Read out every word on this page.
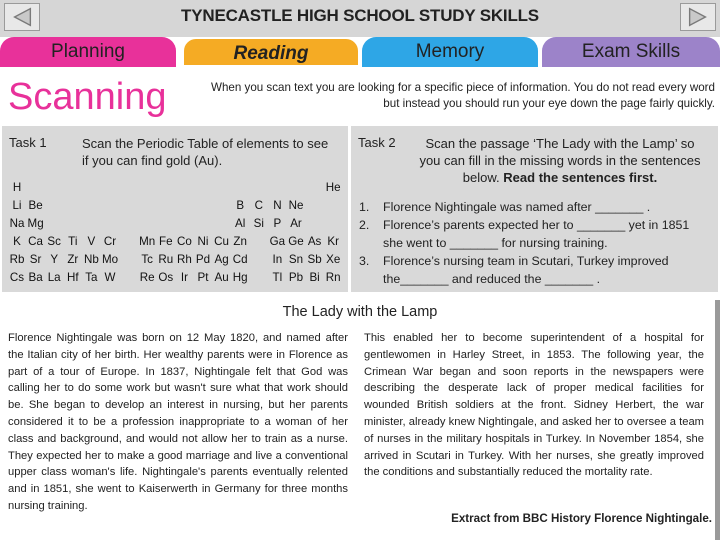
TYNECASTLE HIGH SCHOOL STUDY SKILLS
Planning	Reading	Memory	Exam Skills
Scanning	When you scan text you are looking for a specific piece of information. You do not read every word but instead you should run your eye down the page fairly quickly.
Task 1	Scan the Periodic Table of elements to see if you can find gold (Au).
H	He
Li Be	B C N Ne
Na Mg	Al Si P Ar
K Ca Sc Ti V Cr	Mn Fe Co Ni Cu Zn Ga Ge As Kr
Rb Sr Y Zr Nb Mo	Tc Ru Rh Pd Ag Cd	In Sn Sb Xe
Cs Ba La Hf Ta W	Re Os Ir Pt Au Hg	Tl Pb Bi Rn
Task 2	Scan the passage ‘The Lady with the Lamp’ so you can fill in the missing words in the sentences below. Read the sentences first.
1. Florence Nightingale was named after _______ .
2. Florence’s parents expected her to _______ yet in 1851 she went to _______ for nursing training.
3. Florence’s nursing team in Scutari, Turkey improved the_______ and reduced the _______ .
The Lady with the Lamp
Florence Nightingale was born on 12 May 1820, and named after the Italian city of her birth. Her wealthy parents were in Florence as part of a tour of Europe. In 1837, Nightingale felt that God was calling her to do some work but wasn't sure what that work should be. She began to develop an interest in nursing, but her parents considered it to be a profession inappropriate to a woman of her class and background, and would not allow her to train as a nurse. They expected her to make a good marriage and live a conventional upper class woman's life. Nightingale's parents eventually relented and in 1851, she went to Kaiserwerth in Germany for three months nursing training.
This enabled her to become superintendent of a hospital for gentlewomen in Harley Street, in 1853. The following year, the Crimean War began and soon reports in the newspapers were describing the desperate lack of proper medical facilities for wounded British soldiers at the front. Sidney Herbert, the war minister, already knew Nightingale, and asked her to oversee a team of nurses in the military hospitals in Turkey. In November 1854, she arrived in Scutari in Turkey. With her nurses, she greatly improved the conditions and substantially reduced the mortality rate.
Extract from BBC History Florence Nightingale.
